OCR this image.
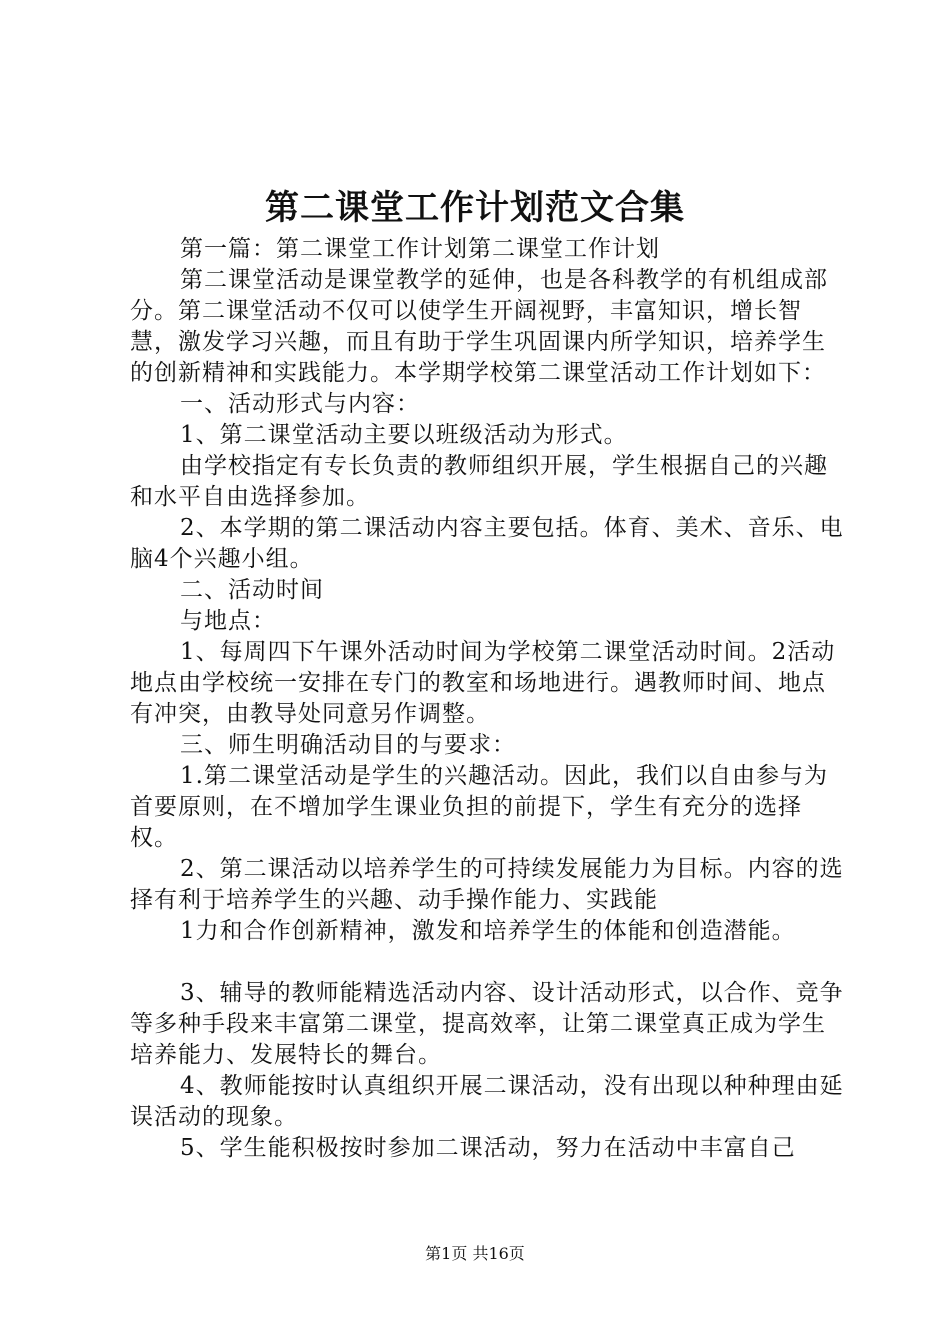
第二课堂工作计划范文合集

第一篇：第二课堂工作计划第二课堂工作计划

第二课堂活动是课堂教学的延伸，也是各科教学的有机组成部分。第二课堂活动不仅可以使学生开阔视野，丰富知识，增长智慧，激发学习兴趣，而且有助于学生巩固课内所学知识，培养学生的创新精神和实践能力。本学期学校第二课堂活动工作计划如下：

一、活动形式与内容：

1、第二课堂活动主要以班级活动为形式。

由学校指定有专长负责的教师组织开展，学生根据自己的兴趣和水平自由选择参加。

2、本学期的第二课活动内容主要包括。体育、美术、音乐、电脑4个兴趣小组。

二、活动时间

与地点：

1、每周四下午课外活动时间为学校第二课堂活动时间。2活动地点由学校统一安排在专门的教室和场地进行。遇教师时间、地点有冲突，由教导处同意另作调整。

三、师生明确活动目的与要求：

1.第二课堂活动是学生的兴趣活动。因此，我们以自由参与为首要原则，在不增加学生课业负担的前提下，学生有充分的选择权。

2、第二课活动以培养学生的可持续发展能力为目标。内容的选择有利于培养学生的兴趣、动手操作能力、实践能

1力和合作创新精神，激发和培养学生的体能和创造潜能。

3、辅导的教师能精选活动内容、设计活动形式，以合作、竞争等多种手段来丰富第二课堂，提高效率，让第二课堂真正成为学生培养能力、发展特长的舞台。

4、教师能按时认真组织开展二课活动，没有出现以种种理由延误活动的现象。

5、学生能积极按时参加二课活动，努力在活动中丰富自己

第1页 共16页
